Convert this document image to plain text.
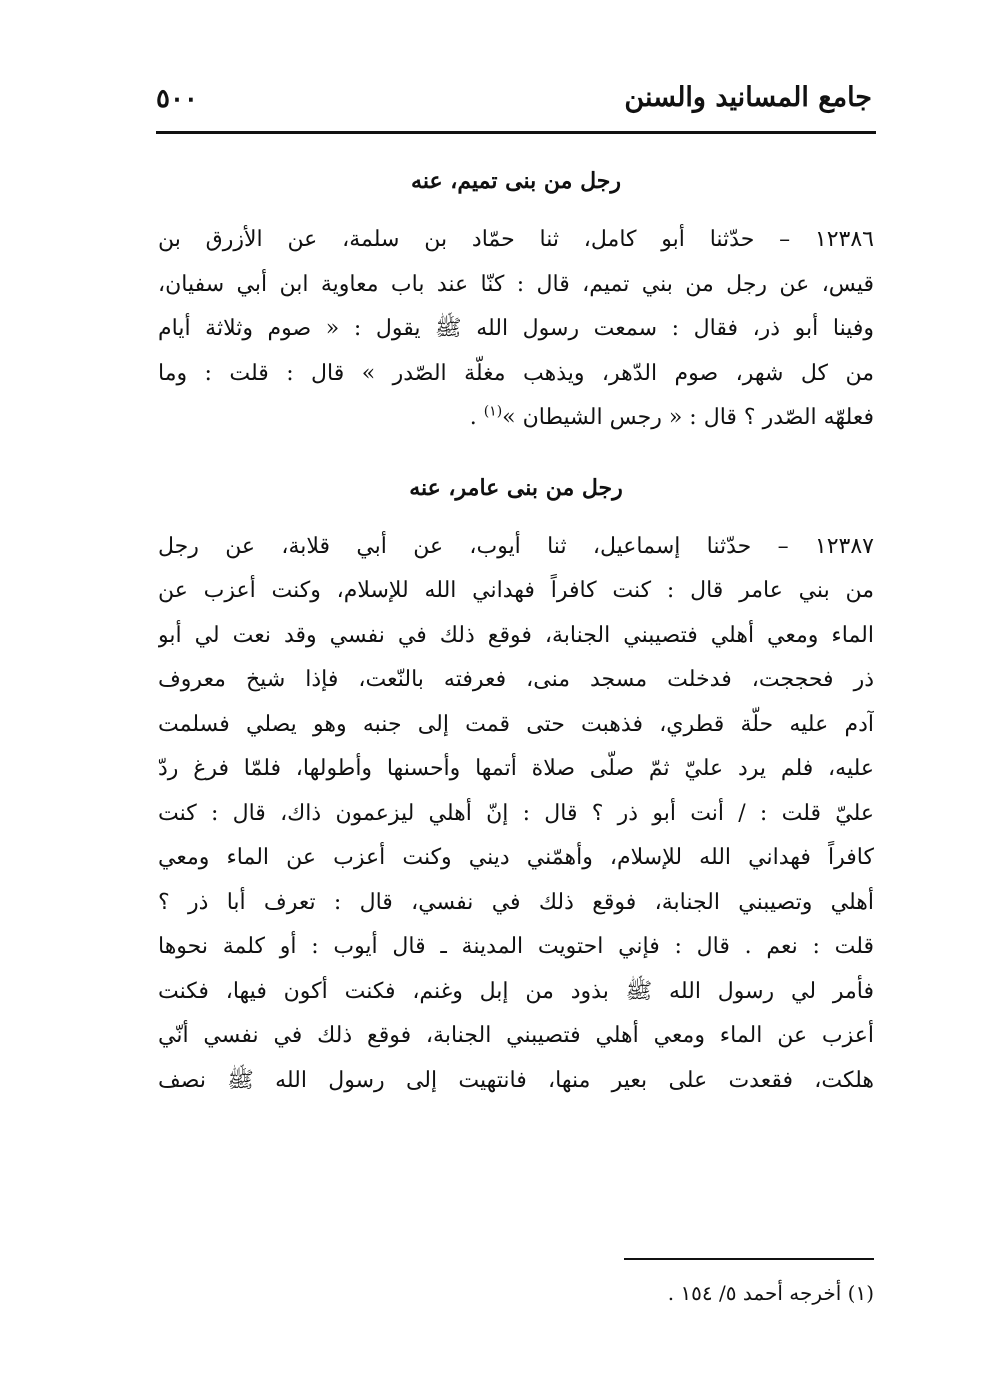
جامع المسانيد والسنن
٥٠٠
رجل من بنى تميم، عنه
١٢٣٨٦ – حدّثنا أبو كامل، ثنا حمّاد بن سلمة، عن الأزرق بن
قيس، عن رجل من بني تميم، قال : كنّا عند باب معاوية ابن أبي سفيان،
وفينا أبو ذر، فقال : سمعت رسول الله ﷺ يقول : « صوم وثلاثة أيام
من كل شهر، صوم الدّهر، ويذهب مغلّة الصّدر » قال : قلت : وما
فعلهّه الصّدر ؟ قال : « رجس الشيطان »$^{(١)}$ .
رجل من بنى عامر، عنه
١٢٣٨٧ – حدّثنا إسماعيل، ثنا أيوب، عن أبي قلابة، عن رجل
من بني عامر قال : كنت كافراً فهداني الله للإسلام، وكنت أعزب عن
الماء ومعي أهلي فتصيبني الجنابة، فوقع ذلك في نفسي وقد نعت لي أبو
ذر فحججت، فدخلت مسجد منى، فعرفته بالنّعت، فإذا شيخ معروف
آدم عليه حلّة قطري، فذهبت حتى قمت إلى جنبه وهو يصلي فسلمت
عليه، فلم يرد عليّ ثمّ صلّى صلاة أتمها وأحسنها وأطولها، فلمّا فرغ ردّ
عليّ قلت : / أنت أبو ذر ؟ قال : إنّ أهلي ليزعمون ذاك، قال : كنت
كافراً فهداني الله للإسلام، وأهمّني ديني وكنت أعزب عن الماء ومعي
أهلي وتصيبني الجنابة، فوقع ذلك في نفسي، قال : تعرف أبا ذر ؟
قلت : نعم . قال : فإني احتويت المدينة ـ قال أيوب : أو كلمة نحوها
فأمر لي رسول الله ﷺ بذود من إبل وغنم، فكنت أكون فيها، فكنت
أعزب عن الماء ومعي أهلي فتصيبني الجنابة، فوقع ذلك في نفسي أنّي
هلكت، فقعدت على بعير منها، فانتهيت إلى رسول الله ﷺ نصف
(١) أخرجه أحمد ٥/ ١٥٤ .
